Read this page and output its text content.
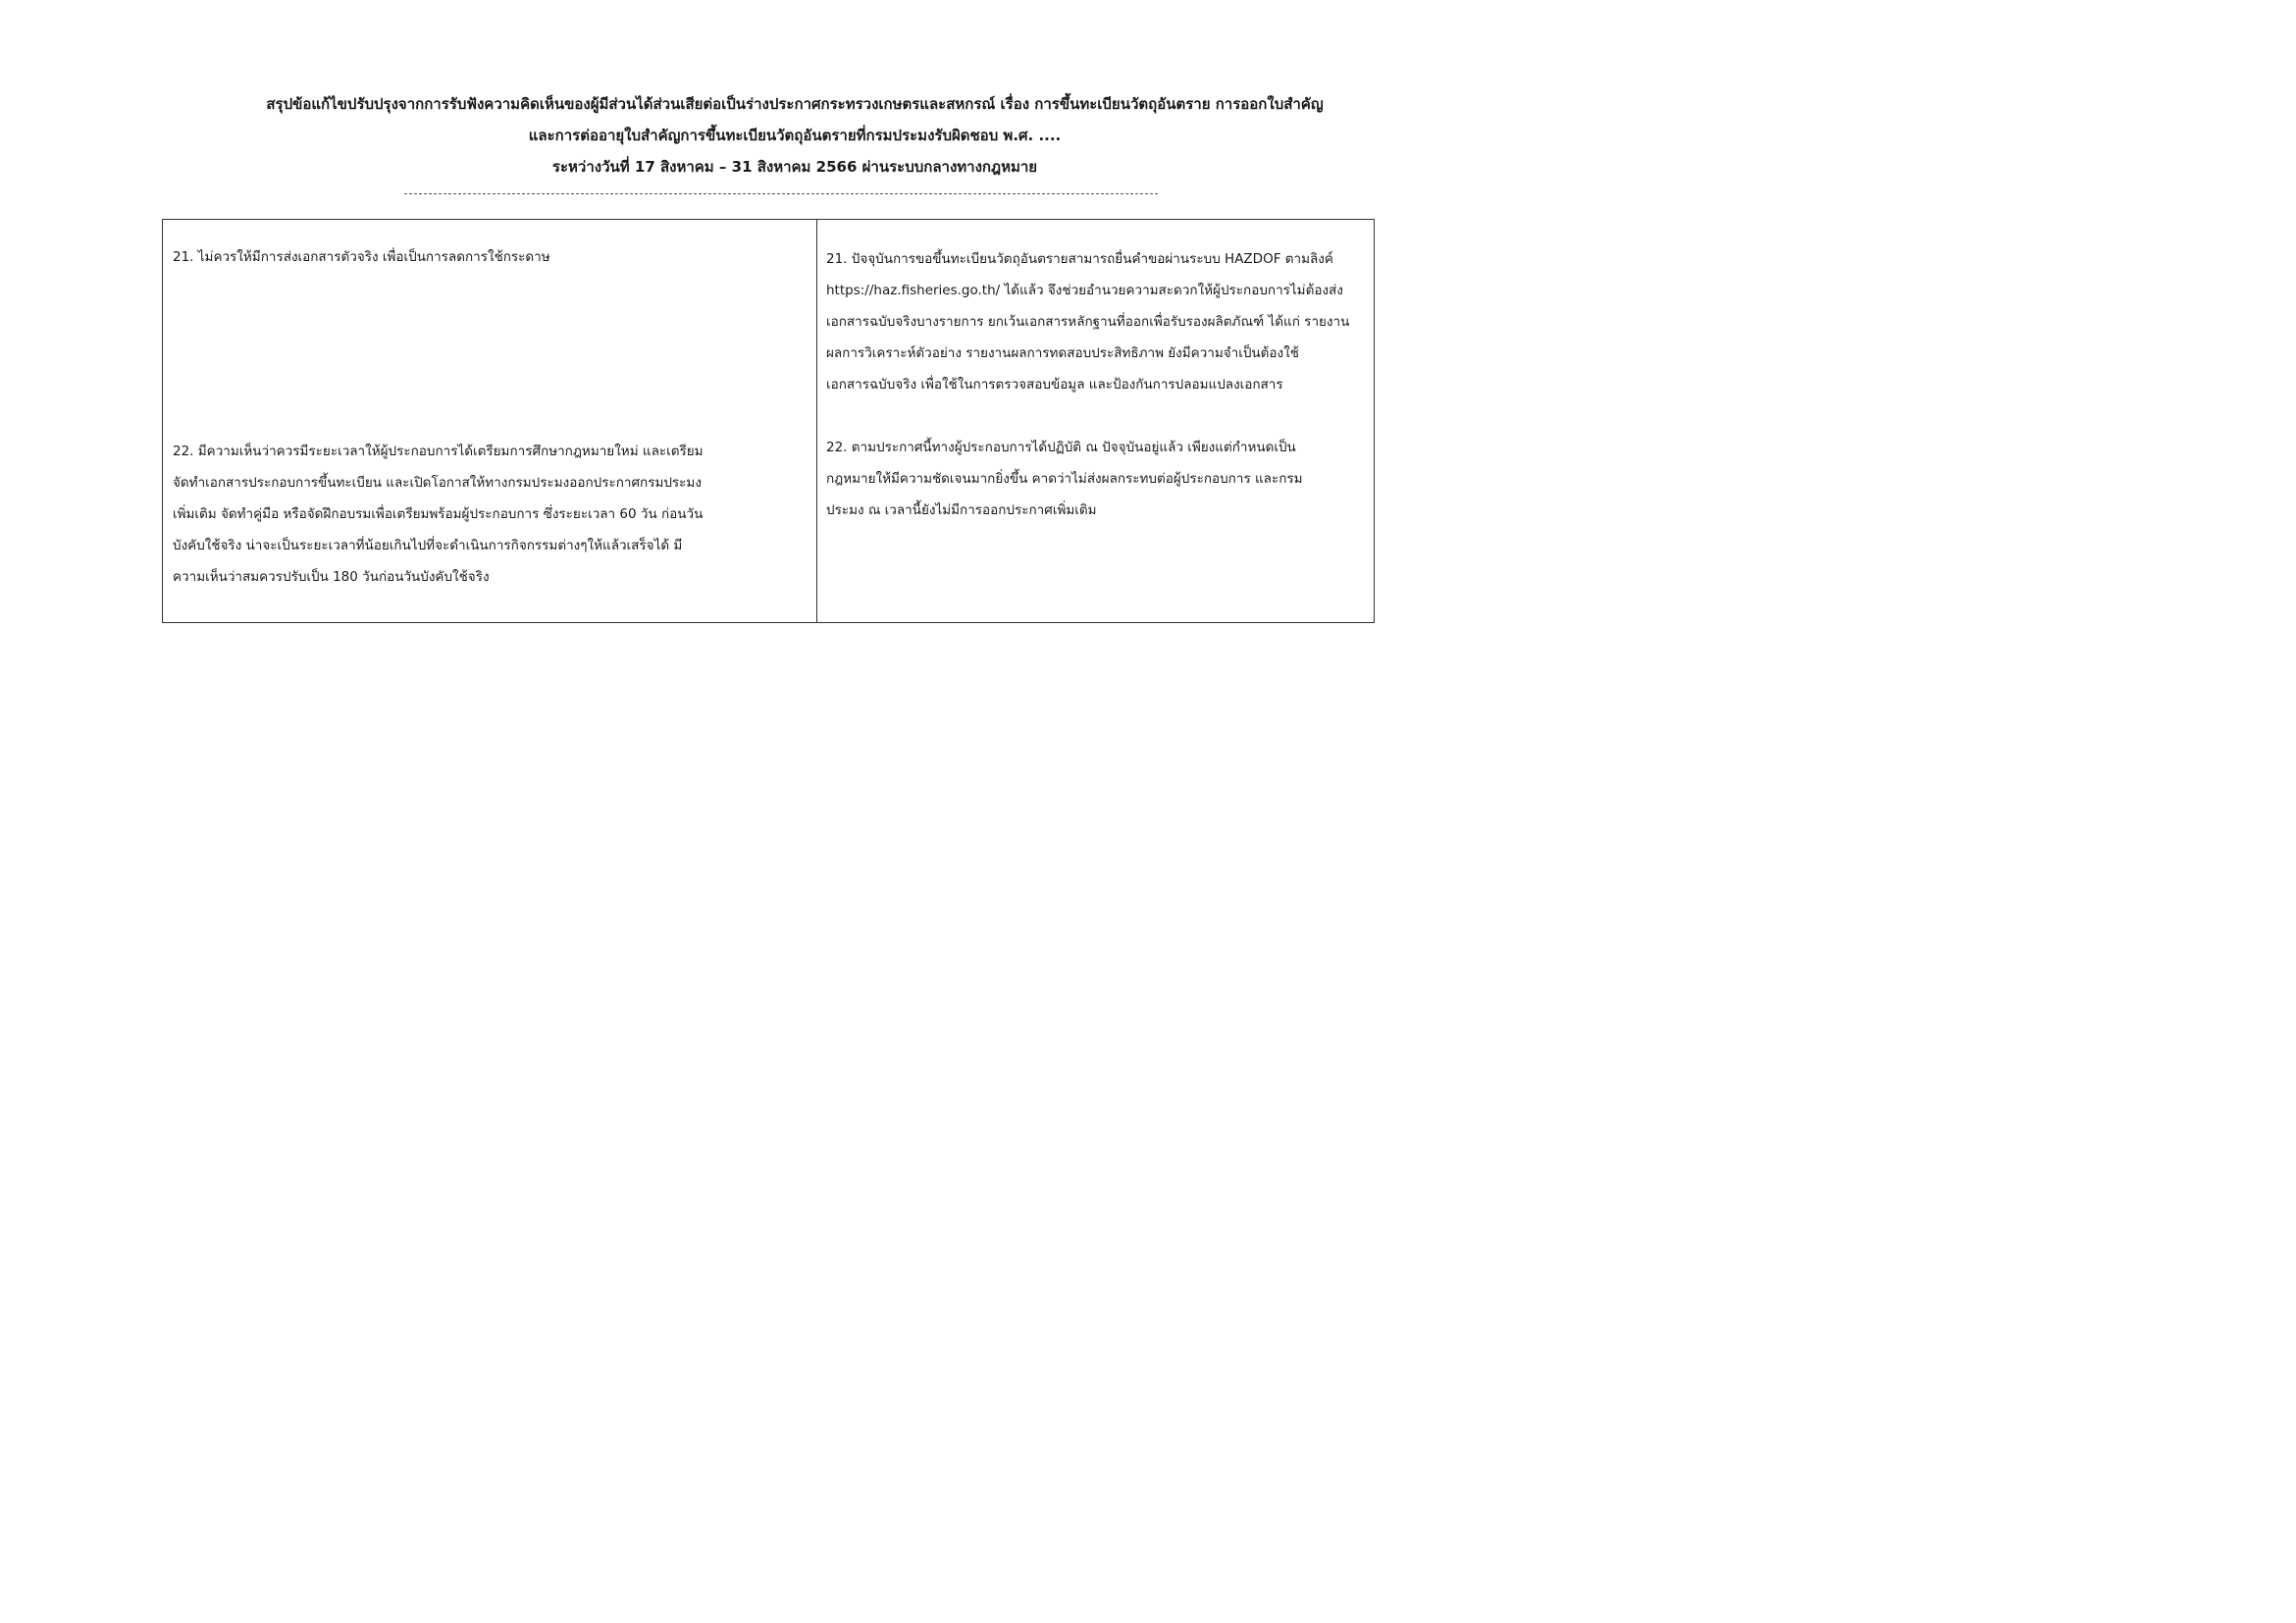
สรุปข้อแก้ไขปรับปรุงจากการรับฟังความคิดเห็นของผู้มีส่วนได้ส่วนเสียต่อเป็นร่างประกาศกระทรวงเกษตรและสหกรณ์ เรื่อง การขึ้นทะเบียนวัตถุอันตราย การออกใบสำคัญ
และการต่ออายุใบสำคัญการขึ้นทะเบียนวัตถุอันตรายที่กรมประมงรับผิดชอบ พ.ศ. ....
ระหว่างวันที่ 17 สิงหาคม – 31 สิงหาคม 2566 ผ่านระบบกลางทางกฎหมาย
21. ไม่ควรให้มีการส่งเอกสารตัวจริง เพื่อเป็นการลดการใช้กระดาษ	21. ปัจจุบันการขอขึ้นทะเบียนวัตถุอันตรายสามารถยื่นคำขอผ่านระบบ HAZDOF ตามลิงค์
https://haz.fisheries.go.th/ ได้แล้ว จึงช่วยอำนวยความสะดวกให้ผู้ประกอบการไม่ต้องส่ง
เอกสารฉบับจริงบางรายการ ยกเว้นเอกสารหลักฐานที่ออกเพื่อรับรองผลิตภัณฑ์ ได้แก่ รายงาน
ผลการวิเคราะห์ตัวอย่าง รายงานผลการทดสอบประสิทธิภาพ ยังมีความจำเป็นต้องใช้
เอกสารฉบับจริง เพื่อใช้ในการตรวจสอบข้อมูล และป้องกันการปลอมแปลงเอกสาร
22. มีความเห็นว่าควรมีระยะเวลาให้ผู้ประกอบการได้เตรียมการศึกษากฎหมายใหม่ และเตรียม
จัดทำเอกสารประกอบการขึ้นทะเบียน และเปิดโอกาสให้ทางกรมประมงออกประกาศกรมประมง
เพิ่มเติม จัดทำคู่มือ หรือจัดฝึกอบรมเพื่อเตรียมพร้อมผู้ประกอบการ ซึ่งระยะเวลา 60 วัน ก่อนวัน
บังคับใช้จริง น่าจะเป็นระยะเวลาที่น้อยเกินไปที่จะดำเนินการกิจกรรมต่างๆให้แล้วเสร็จได้ มี
ความเห็นว่าสมควรปรับเป็น 180 วันก่อนวันบังคับใช้จริง
22. ตามประกาศนี้ทางผู้ประกอบการได้ปฏิบัติ ณ ปัจจุบันอยู่แล้ว เพียงแต่กำหนดเป็น
กฎหมายให้มีความชัดเจนมากยิ่งขึ้น คาดว่าไม่ส่งผลกระทบต่อผู้ประกอบการ และกรม
ประมง ณ เวลานี้ยังไม่มีการออกประกาศเพิ่มเติม
